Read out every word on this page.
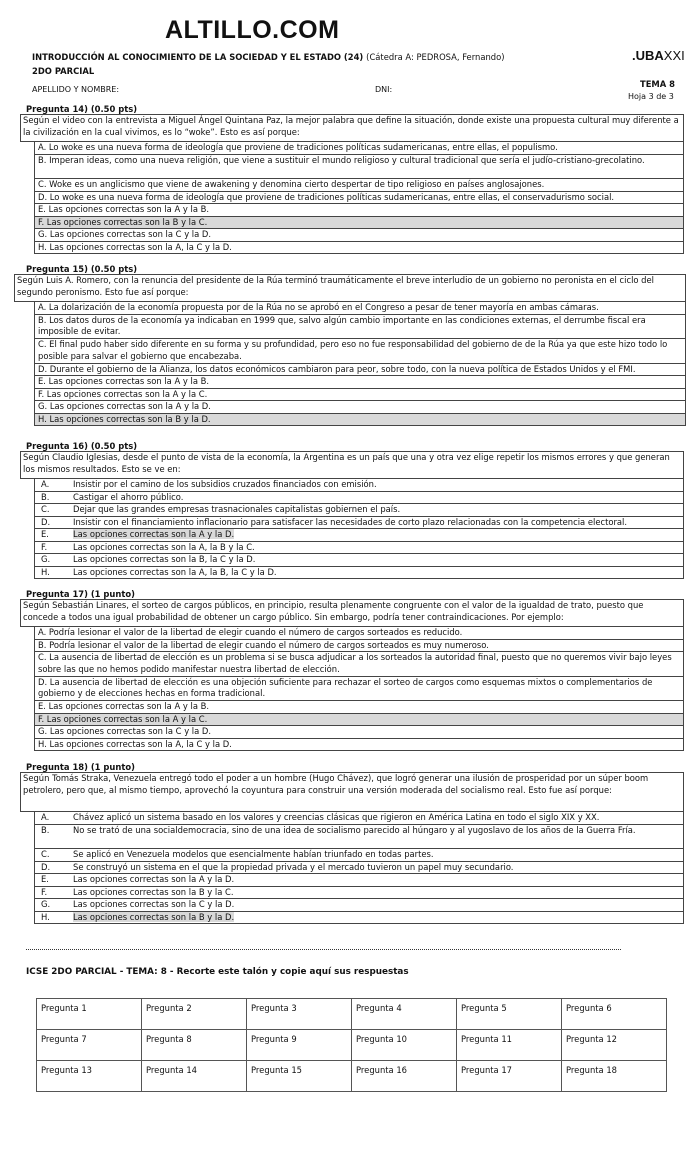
ALTILLO.COM
INTRODUCCIÓN AL CONOCIMIENTO DE LA SOCIEDAD Y EL ESTADO (24) (Cátedra A: PEDROSA, Fernando)
2DO PARCIAL
.UBAXXI
APELLIDO Y NOMBRE:	DNI:
TEMA 8
Hoja 3 de 3
Pregunta 14) (0.50 pts)
Según el video con la entrevista a Miguel Ángel Quintana Paz, la mejor palabra que define la situación, donde existe una propuesta cultural muy diferente a la civilización en la cual vivimos, es lo “woke”. Esto es así porque:
A. Lo woke es una nueva forma de ideología que proviene de tradiciones políticas sudamericanas, entre ellas, el populismo.
B. Imperan ideas, como una nueva religión, que viene a sustituir el mundo religioso y cultural tradicional que sería el judío-cristiano-grecolatino.
C. Woke es un anglicismo que viene de awakening y denomina cierto despertar de tipo religioso en países anglosajones.
D. Lo woke es una nueva forma de ideología que proviene de tradiciones políticas sudamericanas, entre ellas, el conservadurismo social.
E. Las opciones correctas son la A y la B.
F. Las opciones correctas son la B y la C.
G. Las opciones correctas son la C y la D.
H. Las opciones correctas son la A, la C y la D.
Pregunta 15) (0.50 pts)
Según Luis A. Romero, con la renuncia del presidente de la Rúa terminó traumáticamente el breve interludio de un gobierno no peronista en el ciclo del segundo peronismo. Esto fue así porque:
A. La dolarización de la economía propuesta por de la Rúa no se aprobó en el Congreso a pesar de tener mayoría en ambas cámaras.
B. Los datos duros de la economía ya indicaban en 1999 que, salvo algún cambio importante en las condiciones externas, el derrumbe fiscal era imposible de evitar.
C. El final pudo haber sido diferente en su forma y su profundidad, pero eso no fue responsabilidad del gobierno de de la Rúa ya que este hizo todo lo posible para salvar el gobierno que encabezaba.
D. Durante el gobierno de la Alianza, los datos económicos cambiaron para peor, sobre todo, con la nueva política de Estados Unidos y el FMI.
E. Las opciones correctas son la A y la B.
F. Las opciones correctas son la A y la C.
G. Las opciones correctas son la A y la D.
H. Las opciones correctas son la B y la D.
Pregunta 16) (0.50 pts)
Según Claudio Iglesias, desde el punto de vista de la economía, la Argentina es un país que una y otra vez elige repetir los mismos errores y que generan los mismos resultados. Esto se ve en:
A.	Insistir por el camino de los subsidios cruzados financiados con emisión.
B.	Castigar el ahorro público.
C.	Dejar que las grandes empresas trasnacionales capitalistas gobiernen el país.
D.	Insistir con el financiamiento inflacionario para satisfacer las necesidades de corto plazo relacionadas con la competencia electoral.
E.	Las opciones correctas son la A y la D.
F.	Las opciones correctas son la A, la B y la C.
G.	Las opciones correctas son la B, la C y la D.
H.	Las opciones correctas son la A, la B, la C y la D.
Pregunta 17) (1 punto)
Según Sebastián Linares, el sorteo de cargos públicos, en principio, resulta plenamente congruente con el valor de la igualdad de trato, puesto que concede a todos una igual probabilidad de obtener un cargo público. Sin embargo, podría tener contraindicaciones. Por ejemplo:
A. Podría lesionar el valor de la libertad de elegir cuando el número de cargos sorteados es reducido.
B. Podría lesionar el valor de la libertad de elegir cuando el número de cargos sorteados es muy numeroso.
C. La ausencia de libertad de elección es un problema si se busca adjudicar a los sorteados la autoridad final, puesto que no queremos vivir bajo leyes sobre las que no hemos podido manifestar nuestra libertad de elección.
D. La ausencia de libertad de elección es una objeción suficiente para rechazar el sorteo de cargos como esquemas mixtos o complementarios de gobierno y de elecciones hechas en forma tradicional.
E. Las opciones correctas son la A y la B.
F. Las opciones correctas son la A y la C.
G. Las opciones correctas son la C y la D.
H. Las opciones correctas son la A, la C y la D.
Pregunta 18) (1 punto)
Según Tomás Straka, Venezuela entregó todo el poder a un hombre (Hugo Chávez), que logró generar una ilusión de prosperidad por un súper boom petrolero, pero que, al mismo tiempo, aprovechó la coyuntura para construir una versión moderada del socialismo real. Esto fue así porque:
A.	Chávez aplicó un sistema basado en los valores y creencias clásicas que rigieron en América Latina en todo el siglo XIX y XX.
B.	No se trató de una socialdemocracia, sino de una idea de socialismo parecido al húngaro y al yugoslavo de los años de la Guerra Fría.
C.	Se aplicó en Venezuela modelos que esencialmente habían triunfado en todas partes.
D.	Se construyó un sistema en el que la propiedad privada y el mercado tuvieron un papel muy secundario.
E.	Las opciones correctas son la A y la D.
F.	Las opciones correctas son la B y la C.
G.	Las opciones correctas son la C y la D.
H.	Las opciones correctas son la B y la D.
ICSE 2DO PARCIAL - TEMA: 8 - Recorte este talón y copie aquí sus respuestas
Pregunta 1	Pregunta 2	Pregunta 3	Pregunta 4	Pregunta 5	Pregunta 6
Pregunta 7	Pregunta 8	Pregunta 9	Pregunta 10	Pregunta 11	Pregunta 12
Pregunta 13	Pregunta 14	Pregunta 15	Pregunta 16	Pregunta 17	Pregunta 18
